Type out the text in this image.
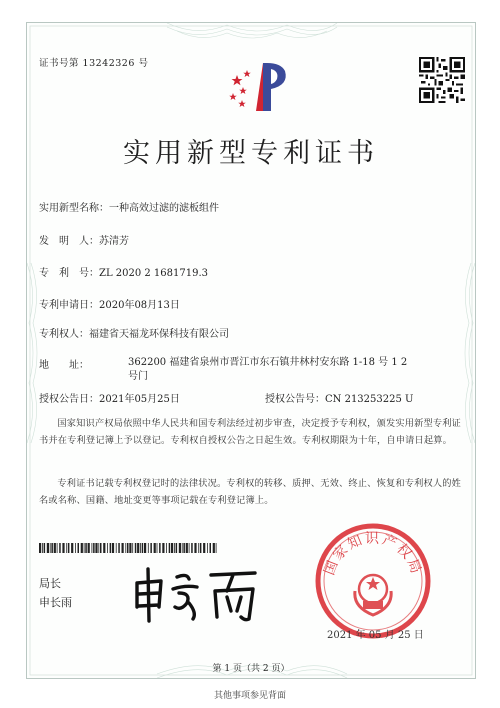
证书号第 13242326 号
实用新型专利证书
实用新型名称：一种高效过滤的滤板组件
发　明　人：苏清芳
专　利　号：ZL 2020 2 1681719.3
专利申请日：2020年08月13日
专利权人：福建省天福龙环保科技有限公司
地　　址：	362200 福建省泉州市晋江市东石镇井林村安东路 1-18 号 1 2 号门
授权公告日：2021年05月25日	授权公告号：CN 213253225 U
国家知识产权局依照中华人民共和国专利法经过初步审查，决定授予专利权，颁发实用新型专利证书并在专利登记簿上予以登记。专利权自授权公告之日起生效。专利权期限为十年，自申请日起算。
专利证书记载专利权登记时的法律状况。专利权的转移、质押、无效、终止、恢复和专利权人的姓名或名称、国籍、地址变更等事项记载在专利登记簿上。
局长
申长雨
国家知识产权局
2021 年 05 月 25 日
第 1 页（共 2 页）
其他事项参见背面
